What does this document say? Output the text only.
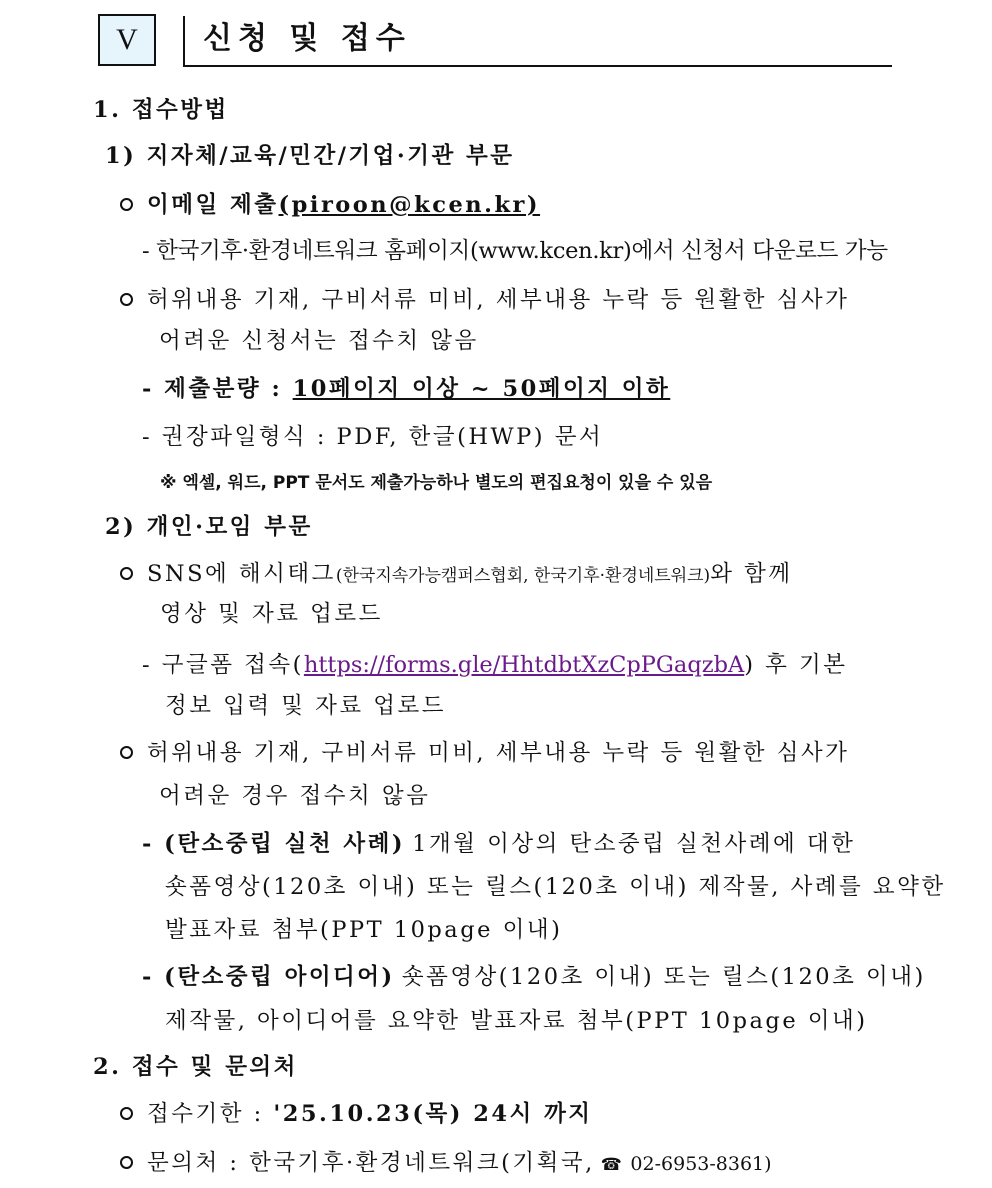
V 신청 및 접수
1. 접수방법
1) 지자체/교육/민간/기업·기관 부문
이메일 제출(piroon@kcen.kr)
- 한국기후·환경네트워크 홈페이지(www.kcen.kr)에서 신청서 다운로드 가능
허위내용 기재, 구비서류 미비, 세부내용 누락 등 원활한 심사가
어려운 신청서는 접수치 않음
- 제출분량 : 10페이지 이상 ~ 50페이지 이하
- 권장파일형식 : PDF, 한글(HWP) 문서
※ 엑셀, 워드, PPT 문서도 제출가능하나 별도의 편집요청이 있을 수 있음
2) 개인·모임 부문
SNS에 해시태그(한국지속가능캠퍼스협회, 한국기후·환경네트워크)와 함께
영상 및 자료 업로드
- 구글폼 접속(https://forms.gle/HhtdbtXzCpPGaqzbA) 후 기본
정보 입력 및 자료 업로드
허위내용 기재, 구비서류 미비, 세부내용 누락 등 원활한 심사가
어려운 경우 접수치 않음
- (탄소중립 실천 사례) 1개월 이상의 탄소중립 실천사례에 대한
숏폼영상(120초 이내) 또는 릴스(120초 이내) 제작물, 사례를 요약한
발표자료 첨부(PPT 10page 이내)
- (탄소중립 아이디어) 숏폼영상(120초 이내) 또는 릴스(120초 이내)
제작물, 아이디어를 요약한 발표자료 첨부(PPT 10page 이내)
2. 접수 및 문의처
접수기한 : '25.10.23(목) 24시 까지
문의처 : 한국기후·환경네트워크(기획국, ☎ 02-6953-8361)
